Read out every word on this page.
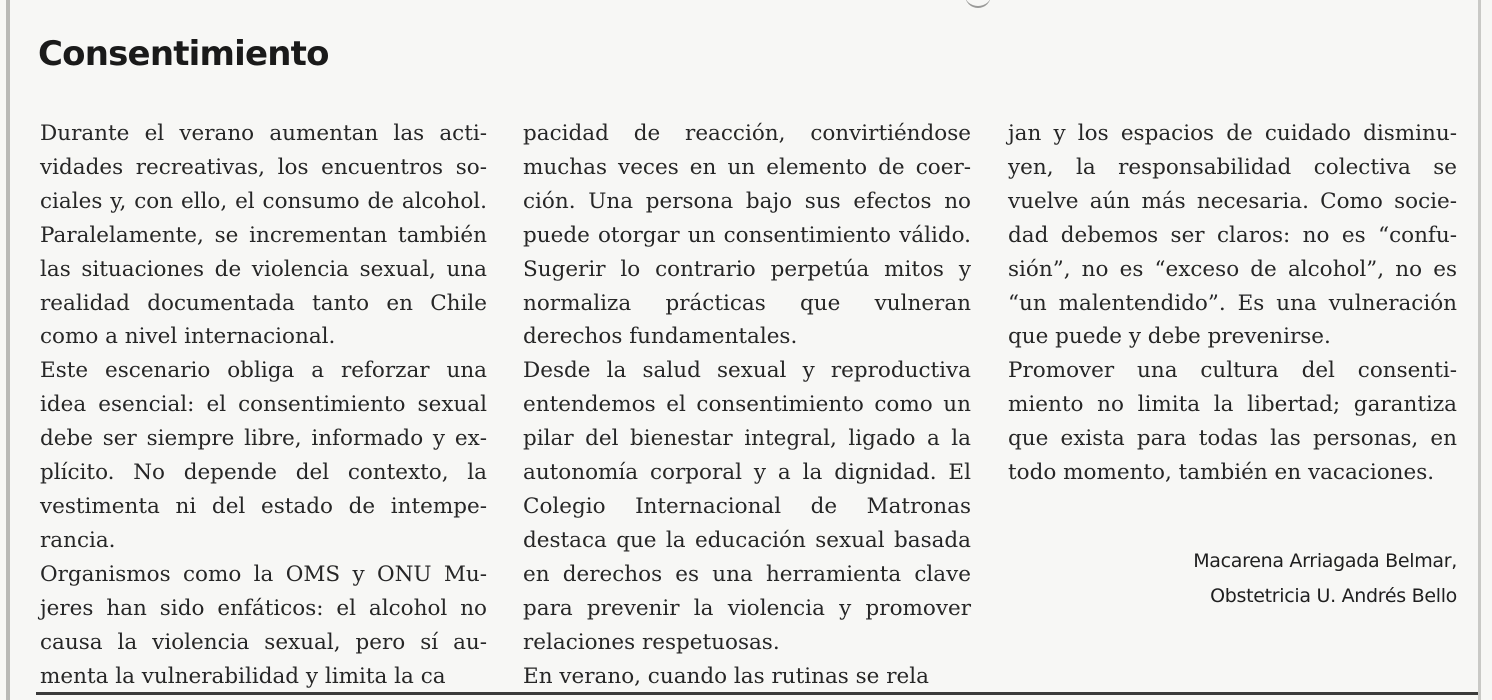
Consentimiento

Durante el verano aumentan las actividades recreativas, los encuentros sociales y, con ello, el consumo de alcohol. Paralelamente, se incrementan también las situaciones de violencia sexual, una realidad documentada tanto en Chile como a nivel internacional.

Este escenario obliga a reforzar una idea esencial: el consentimiento sexual debe ser siempre libre, informado y explícito. No depende del contexto, la vestimenta ni del estado de intemperancia.

Organismos como la OMS y ONU Mujeres han sido enfáticos: el alcohol no causa la violencia sexual, pero sí aumenta la vulnerabilidad y limita la ca

pacidad de reacción, convirtiéndose muchas veces en un elemento de coerción. Una persona bajo sus efectos no puede otorgar un consentimiento válido. Sugerir lo contrario perpetúa mitos y normaliza prácticas que vulneran derechos fundamentales.

Desde la salud sexual y reproductiva entendemos el consentimiento como un pilar del bienestar integral, ligado a la autonomía corporal y a la dignidad. El Colegio Internacional de Matronas destaca que la educación sexual basada en derechos es una herramienta clave para prevenir la violencia y promover relaciones respetuosas.

En verano, cuando las rutinas se rela

jan y los espacios de cuidado disminuyen, la responsabilidad colectiva se vuelve aún más necesaria. Como sociedad debemos ser claros: no es “confusión”, no es “exceso de alcohol”, no es “un malentendido”. Es una vulneración que puede y debe prevenirse.

Promover una cultura del consentimiento no limita la libertad; garantiza que exista para todas las personas, en todo momento, también en vacaciones.

Macarena Arriagada Belmar,
Obstetricia U. Andrés Bello
